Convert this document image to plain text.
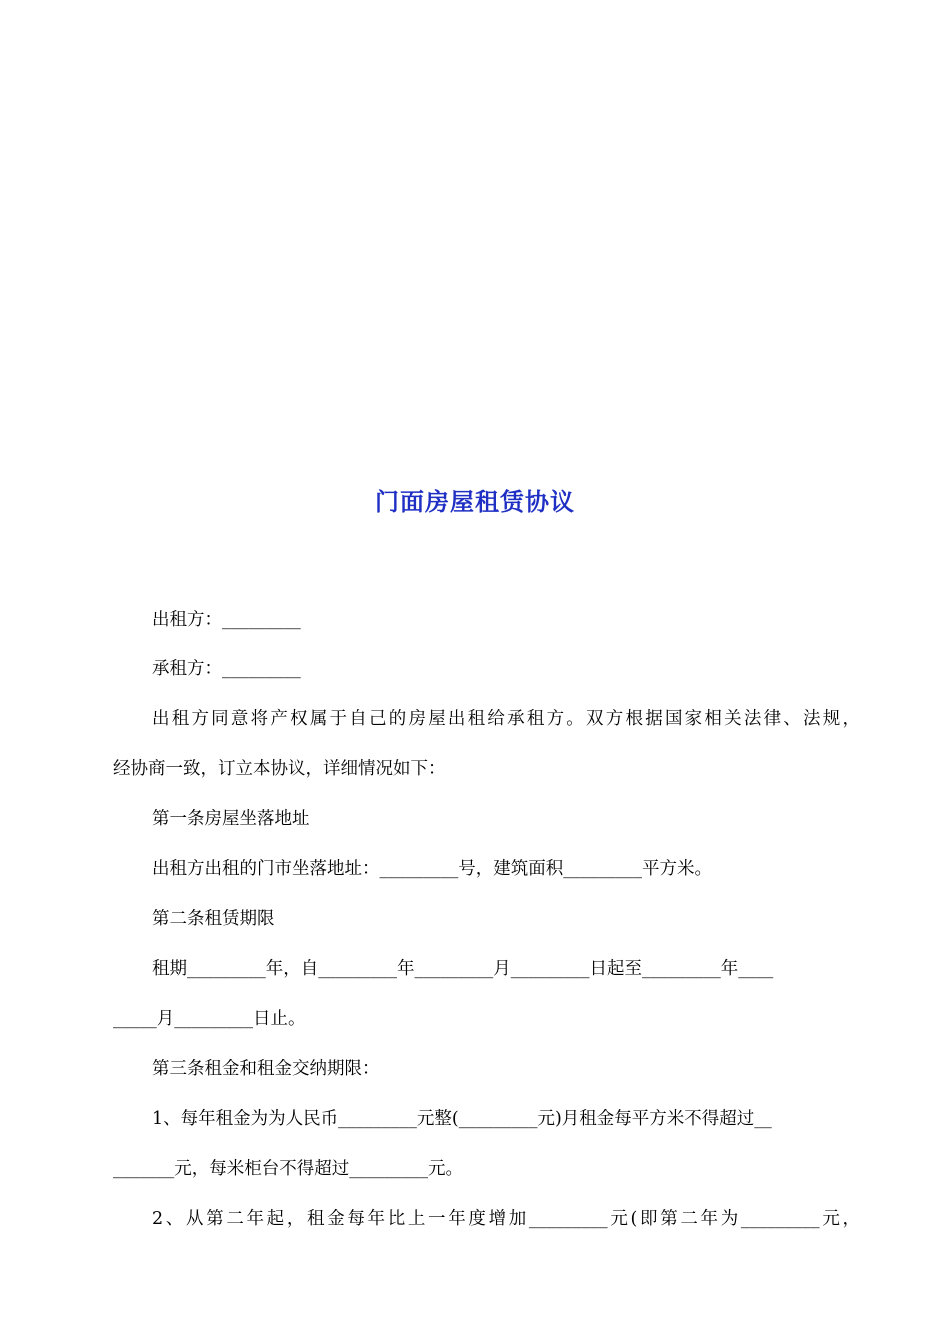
门面房屋租赁协议
出租方：_________
承租方：_________
出租方同意将产权属于自己的房屋出租给承租方。双方根据国家相关法律、法规，
经协商一致，订立本协议，详细情况如下：
第一条房屋坐落地址
出租方出租的门市坐落地址：_________号，建筑面积_________平方米。
第二条租赁期限
租期_________年，自_________年_________月_________日起至_________年____
_____月_________日止。
第三条租金和租金交纳期限：
1、每年租金为为人民币_________元整(_________元)月租金每平方米不得超过__
_______元，每米柜台不得超过_________元。
2、从第二年起，租金每年比上一年度增加_________元(即第二年为_________元，
